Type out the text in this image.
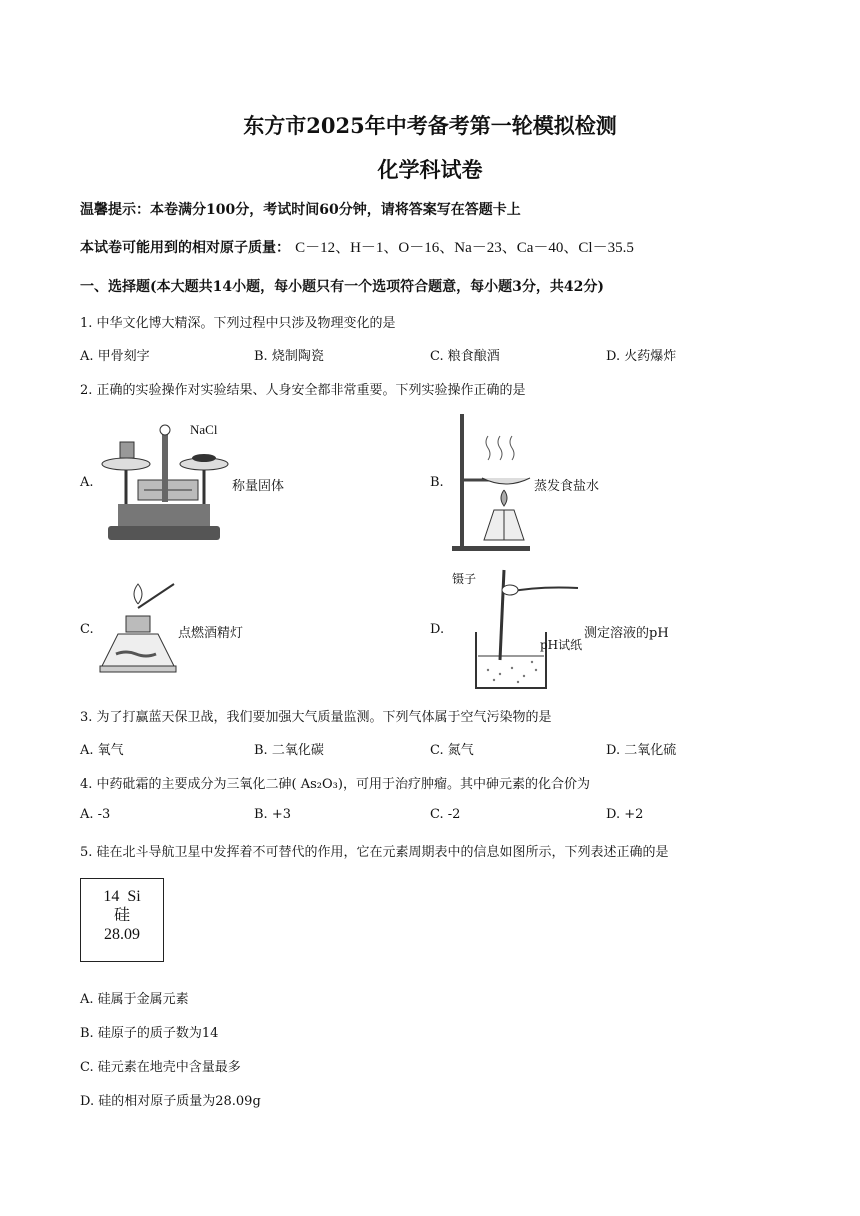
东方市2025年中考备考第一轮模拟检测
化学科试卷
温馨提示：本卷满分100分，考试时间60分钟，请将答案写在答题卡上
本试卷可能用到的相对原子质量： C－12、H－1、O－16、Na－23、Ca－40、Cl－35.5
一、选择题(本大题共14小题，每小题只有一个选项符合题意，每小题3分，共42分)
1. 中华文化博大精深。下列过程中只涉及物理变化的是
A. 甲骨刻字	B. 烧制陶瓷	C. 粮食酿酒	D. 火药爆炸
2. 正确的实验操作对实验结果、人身安全都非常重要。下列实验操作正确的是
A.
NaCl
称量固体	B.	蒸发食盐水
C.	点燃酒精灯	D.
镊子
pH试纸
测定溶液的pH
3. 为了打赢蓝天保卫战，我们要加强大气质量监测。下列气体属于空气污染物的是
A. 氧气	B. 二氧化碳	C. 氮气	D. 二氧化硫
4. 中药砒霜的主要成分为三氧化二砷( As₂O₃)，可用于治疗肿瘤。其中砷元素的化合价为
A. -3	B. +3	C. -2	D. +2
5. 硅在北斗导航卫星中发挥着不可替代的作用，它在元素周期表中的信息如图所示，下列表述正确的是
14 Si
硅
28.09
A. 硅属于金属元素
B. 硅原子的质子数为14
C. 硅元素在地壳中含量最多
D. 硅的相对原子质量为28.09g
